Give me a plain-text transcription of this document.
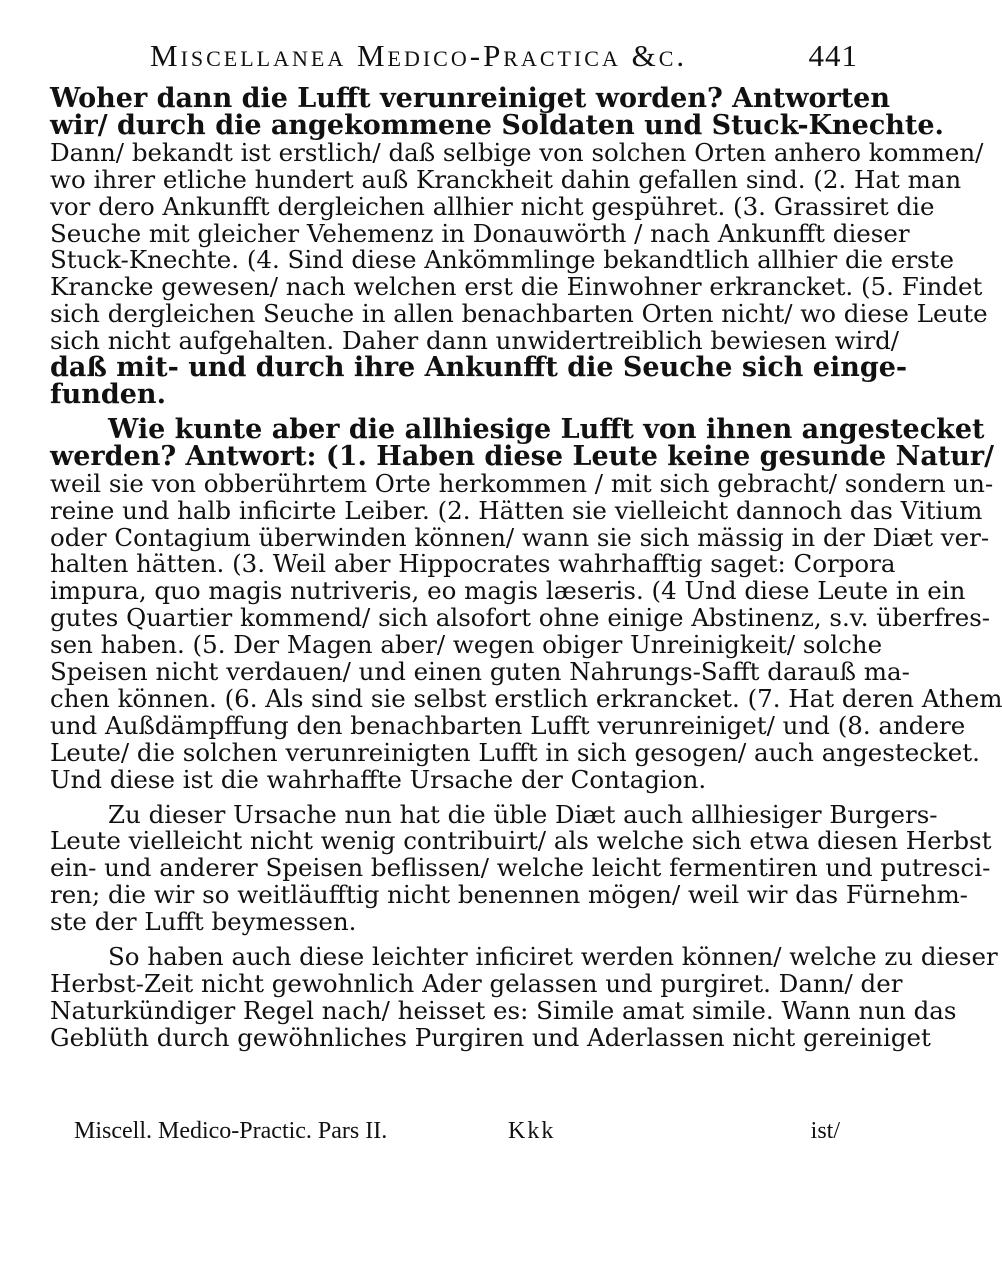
Miscellanea Medico-Practica &c.	441
Woher dann die Lufft verunreiniget worden? Antworten
wir/ durch die angekommene Soldaten und Stuck-Knechte.
Dann/ bekandt ist erstlich/ daß selbige von solchen Orten anhero kommen/
wo ihrer etliche hundert auß Kranckheit dahin gefallen sind. (2. Hat man
vor dero Ankunfft dergleichen allhier nicht gespühret. (3. Grassiret die
Seuche mit gleicher Vehemenz in Donauwörth / nach Ankunfft dieser
Stuck-Knechte. (4. Sind diese Ankömmlinge bekandtlich allhier die erste
Krancke gewesen/ nach welchen erst die Einwohner erkrancket. (5. Findet
sich dergleichen Seuche in allen benachbarten Orten nicht/ wo diese Leute
sich nicht aufgehalten. Daher dann unwidertreiblich bewiesen wird/
daß mit- und durch ihre Ankunfft die Seuche sich einge-
funden.
Wie kunte aber die allhiesige Lufft von ihnen angestecket
werden? Antwort: (1. Haben diese Leute keine gesunde Natur/
weil sie von obberührtem Orte herkommen / mit sich gebracht/ sondern un-
reine und halb inficirte Leiber. (2. Hätten sie vielleicht dannoch das Vitium
oder Contagium überwinden können/ wann sie sich mässig in der Diæt ver-
halten hätten. (3. Weil aber Hippocrates wahrhafftig saget: Corpora
impura, quo magis nutriveris, eo magis læseris. (4 Und diese Leute in ein
gutes Quartier kommend/ sich alsofort ohne einige Abstinenz, s.v. überfres-
sen haben. (5. Der Magen aber/ wegen obiger Unreinigkeit/ solche
Speisen nicht verdauen/ und einen guten Nahrungs-Safft darauß ma-
chen können. (6. Als sind sie selbst erstlich erkrancket. (7. Hat deren Athem
und Außdämpffung den benachbarten Lufft verunreiniget/ und (8. andere
Leute/ die solchen verunreinigten Lufft in sich gesogen/ auch angestecket.
Und diese ist die wahrhaffte Ursache der Contagion.
Zu dieser Ursache nun hat die üble Diæt auch allhiesiger Burgers-
Leute vielleicht nicht wenig contribuirt/ als welche sich etwa diesen Herbst
ein- und anderer Speisen beflissen/ welche leicht fermentiren und putresci-
ren; die wir so weitläufftig nicht benennen mögen/ weil wir das Fürnehm-
ste der Lufft beymessen.
So haben auch diese leichter inficiret werden können/ welche zu dieser
Herbst-Zeit nicht gewohnlich Ader gelassen und purgiret. Dann/ der
Naturkündiger Regel nach/ heisset es: Simile amat simile. Wann nun das
Geblüth durch gewöhnliches Purgiren und Aderlassen nicht gereiniget
Miscell. Medico-Practic. Pars II.	Kkk	ist/
